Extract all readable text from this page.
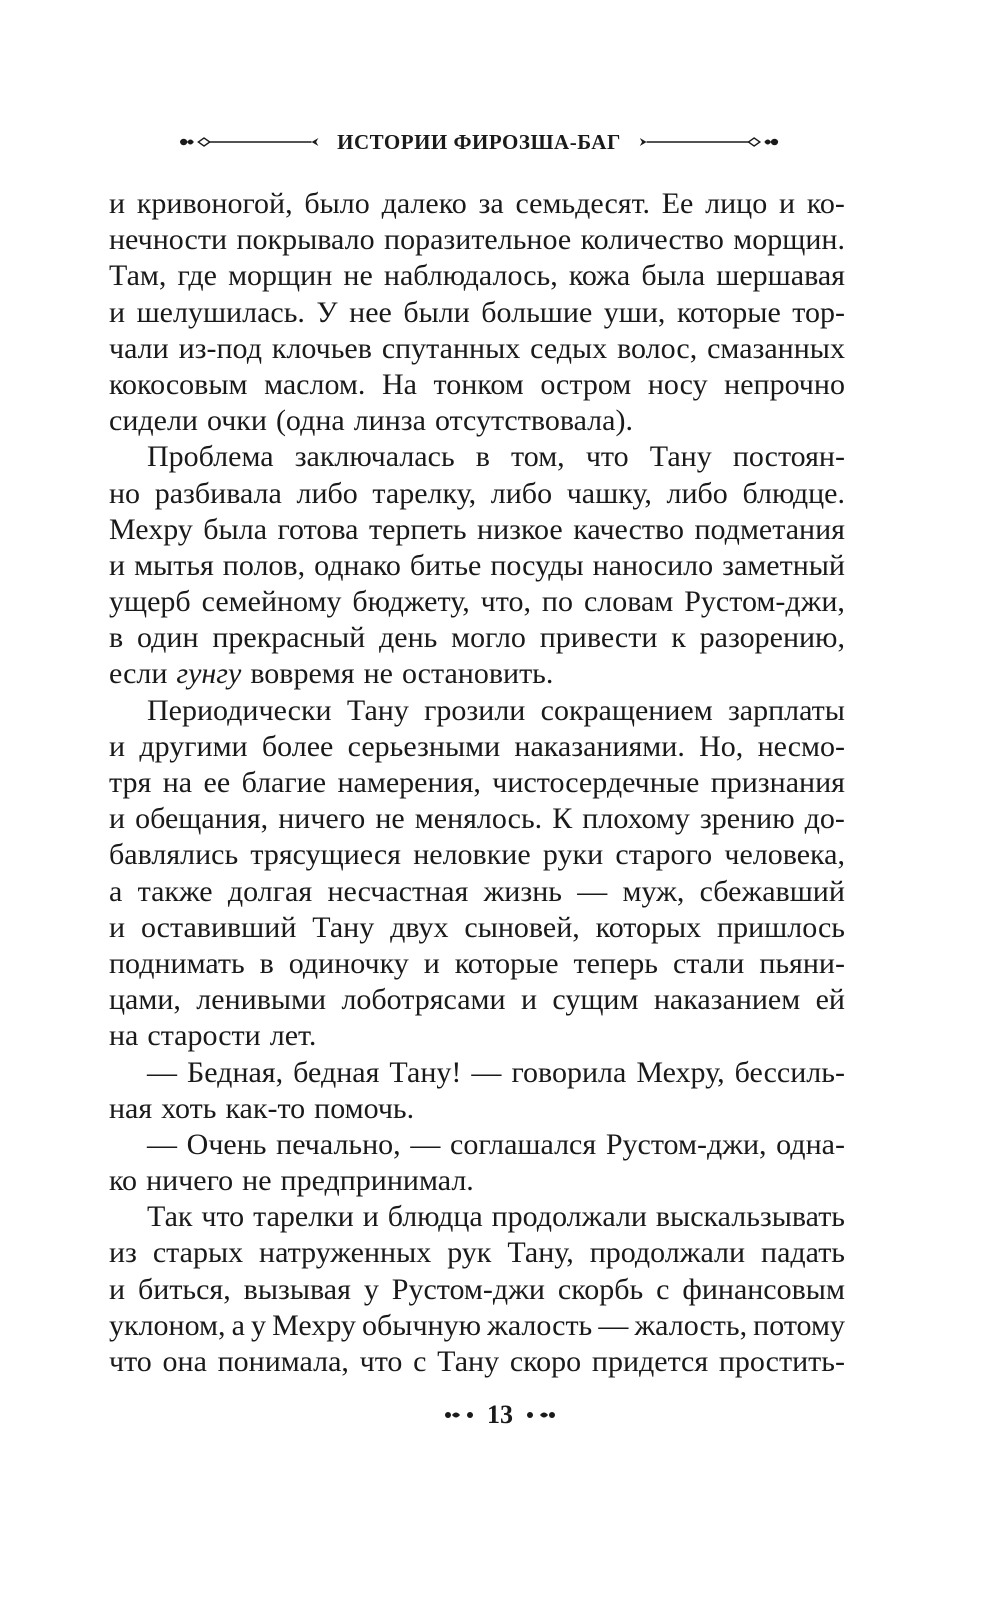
ИСТОРИИ ФИРОЗША-БАГ
и кривоногой, было далеко за семьдесят. Ее лицо и ко-
нечности покрывало поразительное количество морщин.
Там, где морщин не наблюдалось, кожа была шершавая
и шелушилась. У нее были большие уши, которые тор-
чали из-под клочьев спутанных седых волос, смазанных
кокосовым маслом. На тонком остром носу непрочно
сидели очки (одна линза отсутствовала).
Проблема заключалась в том, что Тану постоян-
но разбивала либо тарелку, либо чашку, либо блюдце.
Мехру была готова терпеть низкое качество подметания
и мытья полов, однако битье посуды наносило заметный
ущерб семейному бюджету, что, по словам Рустом-джи,
в один прекрасный день могло привести к разорению,
если гунгу вовремя не остановить.
Периодически Тану грозили сокращением зарплаты
и другими более серьезными наказаниями. Но, несмо-
тря на ее благие намерения, чистосердечные признания
и обещания, ничего не менялось. К плохому зрению до-
бавлялись трясущиеся неловкие руки старого человека,
а также долгая несчастная жизнь — муж, сбежавший
и оставивший Тану двух сыновей, которых пришлось
поднимать в одиночку и которые теперь стали пьяни-
цами, ленивыми лоботрясами и сущим наказанием ей
на старости лет.
— Бедная, бедная Тану! — говорила Мехру, бессиль-
ная хоть как-то помочь.
— Очень печально, — соглашался Рустом-джи, одна-
ко ничего не предпринимал.
Так что тарелки и блюдца продолжали выскальзывать
из старых натруженных рук Тану, продолжали падать
и биться, вызывая у Рустом-джи скорбь с финансовым
уклоном, а у Мехру обычную жалость — жалость, потому
что она понимала, что с Тану скоро придется простить-
13
